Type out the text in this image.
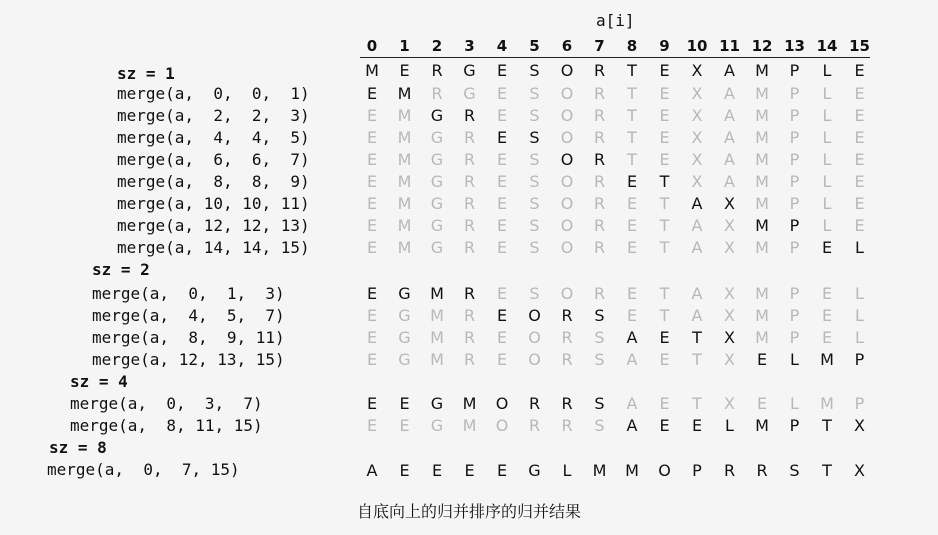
a[i]
0	1	2	3	4	5	6	7	8	9	10 11 12 13 14 15
M	E	R	G	E	S	O	R	T	E	X	A	M	P	L	E
sz = 1
merge(a,  0,  0,  1)	E	M	R	G	E	S	O	R	T	E	X	A	M	P	L	E
merge(a,  2,  2,  3)	E	M	G	R	E	S	O	R	T	E	X	A	M	P	L	E
merge(a,  4,  4,  5)	E	M	G	R	E	S	O	R	T	E	X	A	M	P	L	E
merge(a,  6,  6,  7)	E	M	G	R	E	S	O	R	T	E	X	A	M	P	L	E
merge(a,  8,  8,  9)	E	M	G	R	E	S	O	R	E	T	X	A	M	P	L	E
merge(a, 10, 10, 11)	E	M	G	R	E	S	O	R	E	T	A	X	M	P	L	E
merge(a, 12, 12, 13)	E	M	G	R	E	S	O	R	E	T	A	X	M	P	L	E
merge(a, 14, 14, 15)	E	M	G	R	E	S	O	R	E	T	A	X	M	P	E	L
sz = 2
merge(a,  0,  1,  3)	E	G	M	R	E	S	O	R	E	T	A	X	M	P	E	L
merge(a,  4,  5,  7)	E	G	M	R	E	O	R	S	E	T	A	X	M	P	E	L
merge(a,  8,  9, 11)	E	G	M	R	E	O	R	S	A	E	T	X	M	P	E	L
merge(a, 12, 13, 15)	E	G	M	R	E	O	R	S	A	E	T	X	E	L	M	P
sz = 4
merge(a,  0,  3,  7)	E	E	G	M	O	R	R	S	A	E	T	X	E	L	M	P
merge(a,  8, 11, 15)	E	E	G	M	O	R	R	S	A	E	E	L	M	P	T	X
sz = 8
merge(a,  0,  7, 15)	A	E	E	E	E	G	L	M	M	O	P	R	R	S	T	X
自底向上的归并排序的归并结果
